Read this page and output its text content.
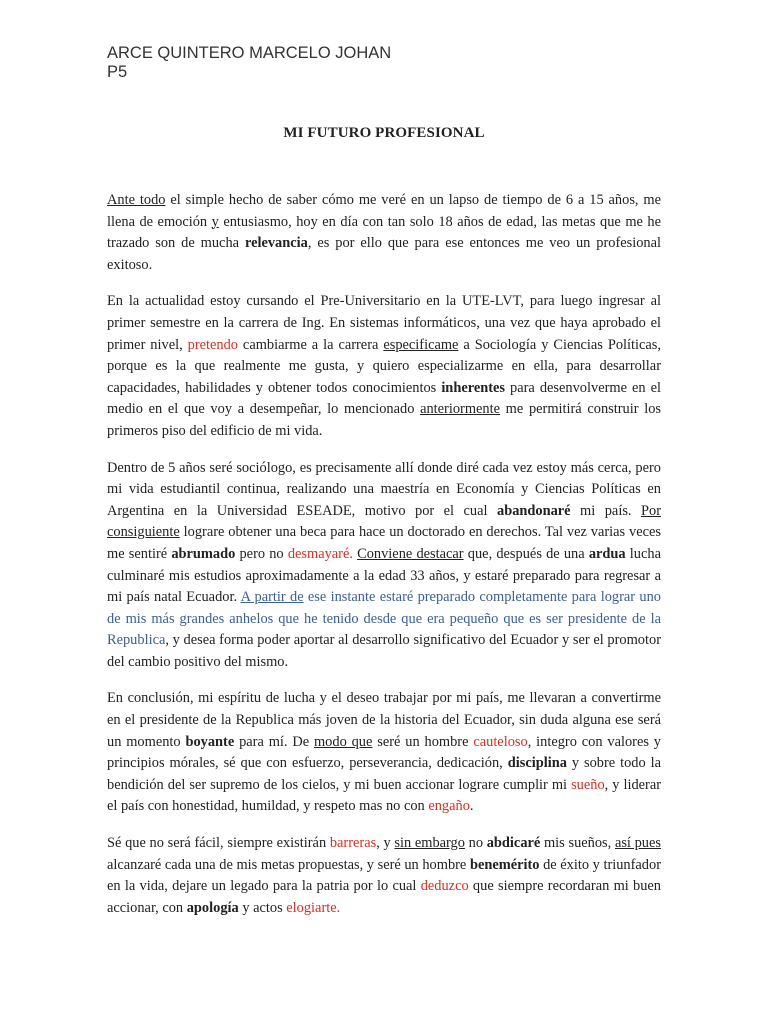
ARCE QUINTERO MARCELO JOHAN
P5
MI FUTURO PROFESIONAL

Ante todo el simple hecho de saber cómo me veré en un lapso de tiempo de 6 a 15 años, me llena de emoción y entusiasmo, hoy en día con tan solo 18 años de edad, las metas que me he trazado son de mucha relevancia, es por ello que para ese entonces me veo un profesional exitoso.

En la actualidad estoy cursando el Pre-Universitario en la UTE-LVT, para luego ingresar al primer semestre en la carrera de Ing. En sistemas informáticos, una vez que haya aprobado el primer nivel, pretendo cambiarme a la carrera especificame a Sociología y Ciencias Políticas, porque es la que realmente me gusta, y quiero especializarme en ella, para desarrollar capacidades, habilidades y obtener todos conocimientos inherentes para desenvolverme en el medio en el que voy a desempeñar, lo mencionado anteriormente me permitirá construir los primeros piso del edificio de mi vida.

Dentro de 5 años seré sociólogo, es precisamente allí donde diré cada vez estoy más cerca, pero mi vida estudiantil continua, realizando una maestría en Economía y Ciencias Políticas en Argentina en la Universidad ESEADE, motivo por el cual abandonaré mi país. Por consiguiente lograre obtener una beca para hace un doctorado en derechos. Tal vez varias veces me sentiré abrumado pero no desmayaré. Conviene destacar que, después de una ardua lucha culminaré mis estudios aproximadamente a la edad 33 años, y estaré preparado para regresar a mi país natal Ecuador. A partir de ese instante estaré preparado completamente para lograr uno de mis más grandes anhelos que he tenido desde que era pequeño que es ser presidente de la Republica, y desea forma poder aportar al desarrollo significativo del Ecuador y ser el promotor del cambio positivo del mismo.

En conclusión, mi espíritu de lucha y el deseo trabajar por mi país, me llevaran a convertirme en el presidente de la Republica más joven de la historia del Ecuador, sin duda alguna ese será un momento boyante para mí. De modo que seré un hombre cauteloso, integro con valores y principios mórales, sé que con esfuerzo, perseverancia, dedicación, disciplina y sobre todo la bendición del ser supremo de los cielos, y mi buen accionar lograre cumplir mi sueño, y liderar el país con honestidad, humildad, y respeto mas no con engaño.

Sé que no será fácil, siempre existirán barreras, y sin embargo no abdicaré mis sueños, así pues alcanzaré cada una de mis metas propuestas, y seré un hombre benemérito de éxito y triunfador en la vida, dejare un legado para la patria por lo cual deduzco que siempre recordaran mi buen accionar, con apología y actos elogiarte.
